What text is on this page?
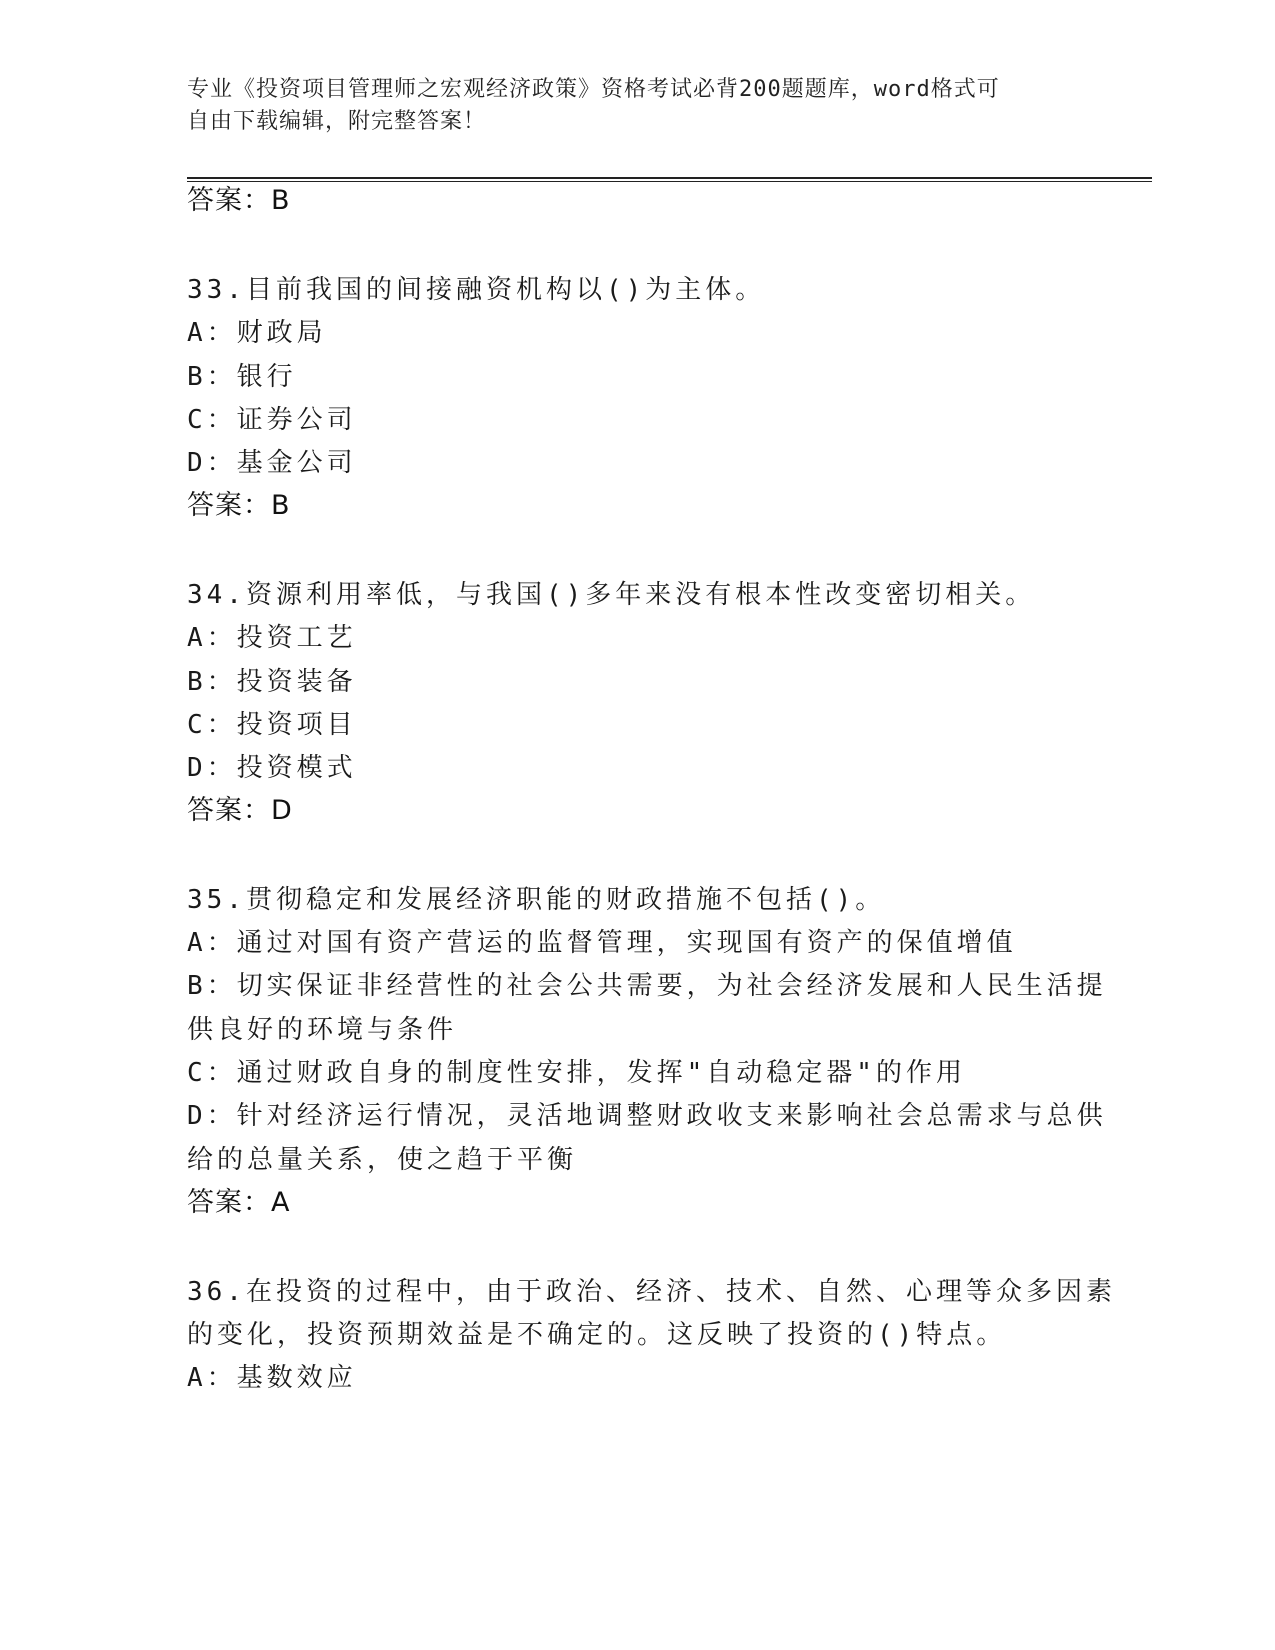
专业《投资项目管理师之宏观经济政策》资格考试必背200题题库，word格式可
自由下载编辑，附完整答案！
答案：B
33.目前我国的间接融资机构以()为主体。
A：财政局
B：银行
C：证券公司
D：基金公司
答案：B
34.资源利用率低，与我国()多年来没有根本性改变密切相关。
A：投资工艺
B：投资装备
C：投资项目
D：投资模式
答案：D
35.贯彻稳定和发展经济职能的财政措施不包括()。
A：通过对国有资产营运的监督管理，实现国有资产的保值增值
B：切实保证非经营性的社会公共需要，为社会经济发展和人民生活提
供良好的环境与条件
C：通过财政自身的制度性安排，发挥"自动稳定器"的作用
D：针对经济运行情况，灵活地调整财政收支来影响社会总需求与总供
给的总量关系，使之趋于平衡
答案：A
36.在投资的过程中，由于政治、经济、技术、自然、心理等众多因素
的变化，投资预期效益是不确定的。这反映了投资的()特点。
A：基数效应
